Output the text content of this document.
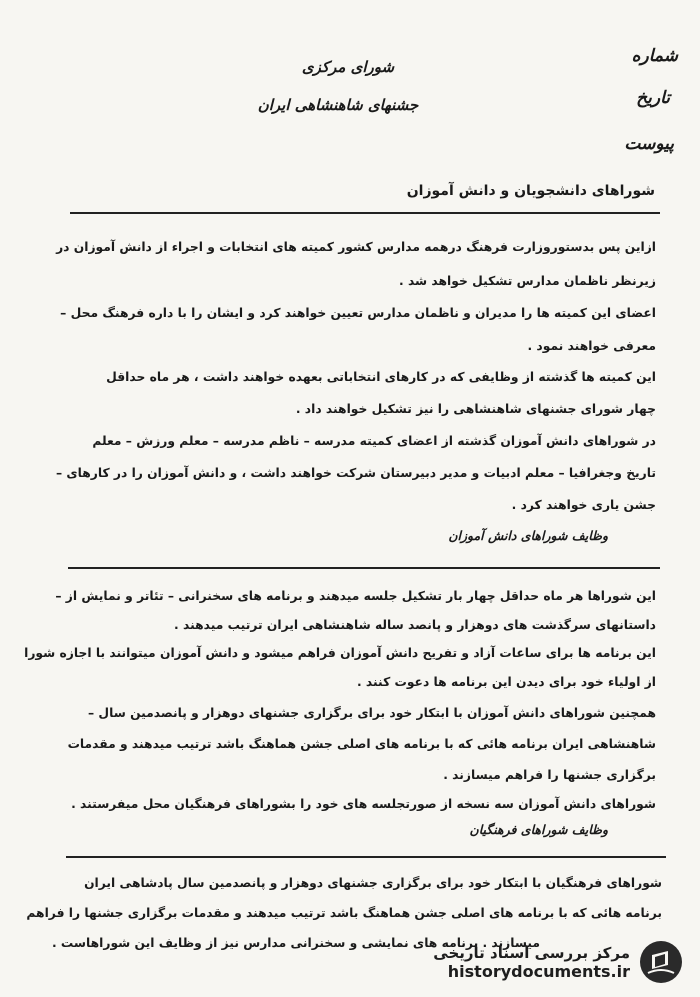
شورای مرکزی
جشنهای شاهنشاهی ایران
شماره
تاریخ
پیوست
شوراهای دانشجویان و دانش آموزان
ازاین پس بدستوروزارت فرهنگ درهمه مدارس کشور کمیته های انتخابات و اجراء از دانش آموزان در
زیرنظر ناظمان مدارس تشکیل خواهد شد .
اعضای این کمیته ها را مدیران و ناظمان مدارس تعیین خواهند کرد و ایشان را با داره فرهنگ محل –
معرفی خواهند نمود .
این کمیته ها گذشته از وظایفی که در کارهای انتخاباتی بعهده خواهند داشت ، هر ماه حداقل
چهار شورای جشنهای شاهنشاهی را نیز تشکیل خواهند داد .
در شوراهای دانش آموزان گذشته از اعضای کمیته مدرسه – ناظم مدرسه – معلم ورزش – معلم
تاریخ وجغرافیا – معلم ادبیات و مدیر دبیرستان شرکت خواهند داشت ، و دانش آموزان را در کارهای –
جشن یاری خواهند کرد .
وظایف شوراهای دانش آموزان
این شوراها هر ماه حداقل چهار بار تشکیل جلسه میدهند و برنامه های سخنرانی – تئاتر و نمایش از –
داستانهای سرگذشت های دوهزار و پانصد ساله شاهنشاهی ایران ترتیب میدهند .
این برنامه ها برای ساعات آزاد و تفریح دانش آموزان فراهم میشود و دانش آموزان میتوانند با اجازه شورا
از اولیاء خود برای دیدن این برنامه ها دعوت کنند .
همچنین شوراهای دانش آموزان با ابتکار خود برای برگزاری جشنهای دوهزار و پانصدمین سال –
شاهنشاهی ایران برنامه هائی که با برنامه های اصلی جشن هماهنگ باشد ترتیب میدهند و مقدمات
برگزاری جشنها را فراهم میسازند .
شوراهای دانش آموزان سه نسخه از صورتجلسه های خود را بشوراهای فرهنگیان محل میفرستند .
وظایف شوراهای فرهنگیان
شوراهای فرهنگیان با ابتکار خود برای برگزاری جشنهای دوهزار و پانصدمین سال پادشاهی ایران
برنامه هائی که با برنامه های اصلی جشن هماهنگ باشد ترتیب میدهند و مقدمات برگزاری جشنها را فراهم
میسازند . برنامه های نمایشی و سخنرانی مدارس نیز از وظایف این شوراهاست .
مرکز بررسی اسناد تاریخی
historydocuments.ir
